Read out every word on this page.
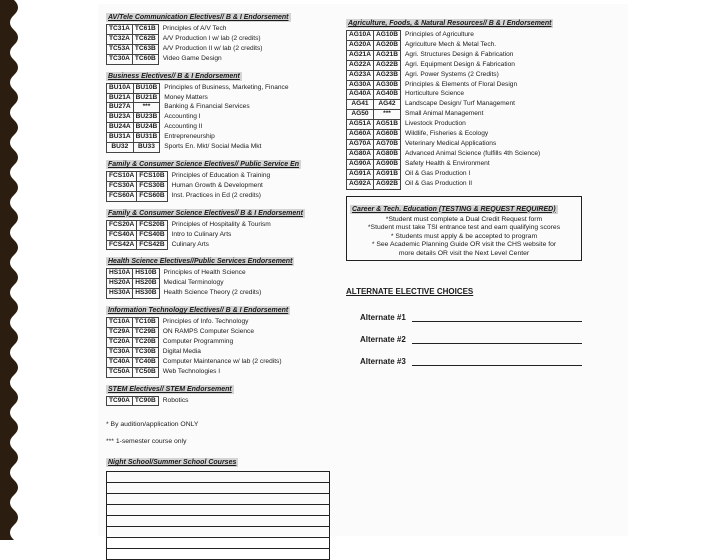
AV/Tele Communication Electives// B & I Endorsement
TC31A	TC61B	Principles of A/V Tech
TC32A	TC62B	A/V Production I w/ lab (2 credits)
TC53A	TC63B	A/V Production II w/ lab (2 credits)
TC30A	TC60B	Video Game Design
Business Electives// B & I Endorsement
BU10A	BU10B	Principles of Business, Marketing, Finance
BU21A	BU21B	Money Matters
BU27A	***	Banking & Financial Services
BU23A	BU23B	Accounting I
BU24A	BU24B	Accounting II
BU31A	BU31B	Entrepreneurship
BU32	BU33	Sports En. Mkt/ Social Media Mkt
Family & Consumer Science Electives// Public Service En
FCS10A	FCS10B	Principles of Education & Training
FCS30A	FCS30B	Human Growth & Development
FCS60A	FCS60B	Inst. Practices in Ed (2 credits)
Family & Consumer Science Electives// B & I Endorsement
FCS20A	FCS20B	Principles of Hospitality & Tourism
FCS40A	FCS40B	Intro to Culinary Arts
FCS42A	FCS42B	Culinary Arts
Health Science Electives//Public Services Endorsement
HS10A	HS10B	Principles of Health Science
HS20A	HS20B	Medical Terminology
HS30A	HS30B	Health Science Theory (2 credits)
Information Technology Electives// B & I Endorsement
TC10A	TC10B	Principles of Info. Technology
TC29A	TC29B	ON RAMPS Computer Science
TC20A	TC20B	Computer Programming
TC30A	TC30B	Digital Media
TC40A	TC40B	Computer Maintenance w/ lab (2 credits)
TC50A	TC50B	Web Technologies I
STEM Electives// STEM Endorsement
TC90A	TC90B	Robotics
* By audition/application ONLY
*** 1-semester course only
Night School/Summer School Courses
Agriculture, Foods, & Natural Resources// B & I Endorsement
AG10A	AG10B	Principles of Agriculture
AG20A	AG20B	Agriculture Mech & Metal Tech.
AG21A	AG21B	Agri. Structures Design & Fabrication
AG22A	AG22B	Agri. Equipment Design & Fabrication
AG23A	AG23B	Agri. Power Systems (2 Credits)
AG30A	AG30B	Principles & Elements of Floral Design
AG40A	AG40B	Horticulture Science
AG41	AG42	Landscape Design/ Turf Management
AG50	***	Small Animal Management
AG51A	AG51B	Livestock Production
AG60A	AG60B	Wildlife, Fisheries & Ecology
AG70A	AG70B	Veterinary Medical Applications
AG80A	AG80B	Advanced Animal Science (fulfills 4th Science)
AG90A	AG90B	Safety Health & Environment
AG91A	AG91B	Oil & Gas Production I
AG92A	AG92B	Oil & Gas Production II
Career & Tech. Education (TESTING & REQUEST REQUIRED)
*Student must complete a Dual Credit Request form
*Student must take TSI entrance test and earn qualifying scores
* Students must apply & be accepted to program
* See Academic Planning Guide OR visit the CHS website for
more details OR visit the Next Level Center
ALTERNATE ELECTIVE CHOICES
Alternate #1
Alternate #2
Alternate #3
